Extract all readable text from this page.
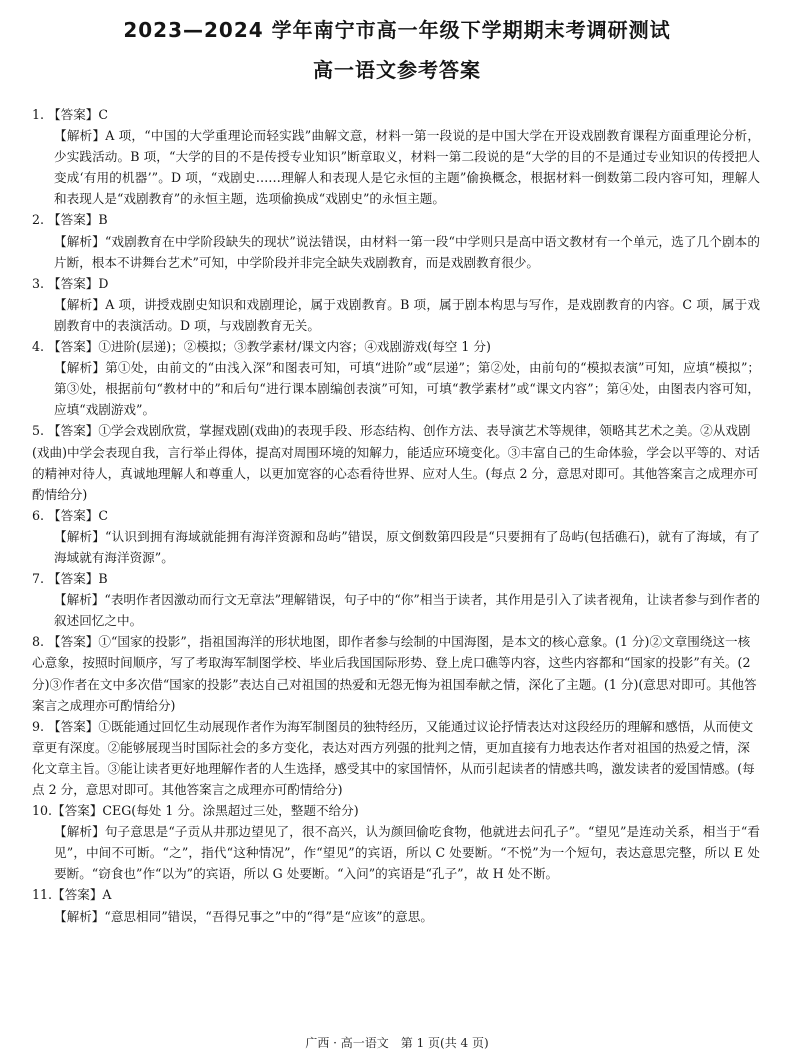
2023—2024 学年南宁市高一年级下学期期末考调研测试
高一语文参考答案
1. 【答案】C
【解析】A 项，“中国的大学重理论而轻实践”曲解文意，材料一第一段说的是中国大学在开设戏剧教育课程方面重理论分析，少实践活动。B 项，“大学的目的不是传授专业知识”断章取义，材料一第二段说的是“大学的目的不是通过专业知识的传授把人变成‘有用的机器’”。D 项，“戏剧史……理解人和表现人是它永恒的主题”偷换概念，根据材料一倒数第二段内容可知，理解人和表现人是“戏剧教育”的永恒主题，选项偷换成“戏剧史”的永恒主题。
2. 【答案】B
【解析】“戏剧教育在中学阶段缺失的现状”说法错误，由材料一第一段“中学则只是高中语文教材有一个单元，选了几个剧本的片断，根本不讲舞台艺术”可知，中学阶段并非完全缺失戏剧教育，而是戏剧教育很少。
3. 【答案】D
【解析】A 项，讲授戏剧史知识和戏剧理论，属于戏剧教育。B 项，属于剧本构思与写作，是戏剧教育的内容。C 项，属于戏剧教育中的表演活动。D 项，与戏剧教育无关。
4. 【答案】①进阶(层递)；②模拟；③教学素材/课文内容；④戏剧游戏(每空 1 分)
【解析】第①处，由前文的“由浅入深”和图表可知，可填“进阶”或“层递”；第②处，由前句的“模拟表演”可知，应填“模拟”；第③处，根据前句“教材中的”和后句“进行课本剧编创表演”可知，可填“教学素材”或“课文内容”；第④处，由图表内容可知，应填“戏剧游戏”。
5. 【答案】①学会戏剧欣赏，掌握戏剧(戏曲)的表现手段、形态结构、创作方法、表导演艺术等规律，领略其艺术之美。②从戏剧(戏曲)中学会表现自我，言行举止得体，提高对周围环境的知解力，能适应环境变化。③丰富自己的生命体验，学会以平等的、对话的精神对待人，真诚地理解人和尊重人，以更加宽容的心态看待世界、应对人生。(每点 2 分，意思对即可。其他答案言之成理亦可酌情给分)
6. 【答案】C
【解析】“认识到拥有海域就能拥有海洋资源和岛屿”错误，原文倒数第四段是“只要拥有了岛屿(包括礁石)，就有了海域，有了海域就有海洋资源”。
7. 【答案】B
【解析】“表明作者因激动而行文无章法”理解错误，句子中的“你”相当于读者，其作用是引入了读者视角，让读者参与到作者的叙述回忆之中。
8. 【答案】①“国家的投影”，指祖国海洋的形状地图，即作者参与绘制的中国海图，是本文的核心意象。(1 分)②文章围绕这一核心意象，按照时间顺序，写了考取海军制图学校、毕业后我国国际形势、登上虎口礁等内容，这些内容都和“国家的投影”有关。(2 分)③作者在文中多次借“国家的投影”表达自己对祖国的热爱和无怨无悔为祖国奉献之情，深化了主题。(1 分)(意思对即可。其他答案言之成理亦可酌情给分)
9. 【答案】①既能通过回忆生动展现作者作为海军制图员的独特经历，又能通过议论抒情表达对这段经历的理解和感悟，从而使文章更有深度。②能够展现当时国际社会的多方变化，表达对西方列强的批判之情，更加直接有力地表达作者对祖国的热爱之情，深化文章主旨。③能让读者更好地理解作者的人生选择，感受其中的家国情怀，从而引起读者的情感共鸣，激发读者的爱国情感。(每点 2 分，意思对即可。其他答案言之成理亦可酌情给分)
10.【答案】CEG(每处 1 分。涂黑超过三处，整题不给分)
【解析】句子意思是“子贡从井那边望见了，很不高兴，认为颜回偷吃食物，他就进去问孔子”。“望见”是连动关系，相当于“看见”，中间不可断。“之”，指代“这种情况”，作“望见”的宾语，所以 C 处要断。“不悦”为一个短句，表达意思完整，所以 E 处要断。“窃食也”作“以为”的宾语，所以 G 处要断。“入问”的宾语是“孔子”，故 H 处不断。
11.【答案】A
【解析】“意思相同”错误，“吾得兄事之”中的“得”是“应该”的意思。
广西 · 高一语文　第 1 页(共 4 页)
